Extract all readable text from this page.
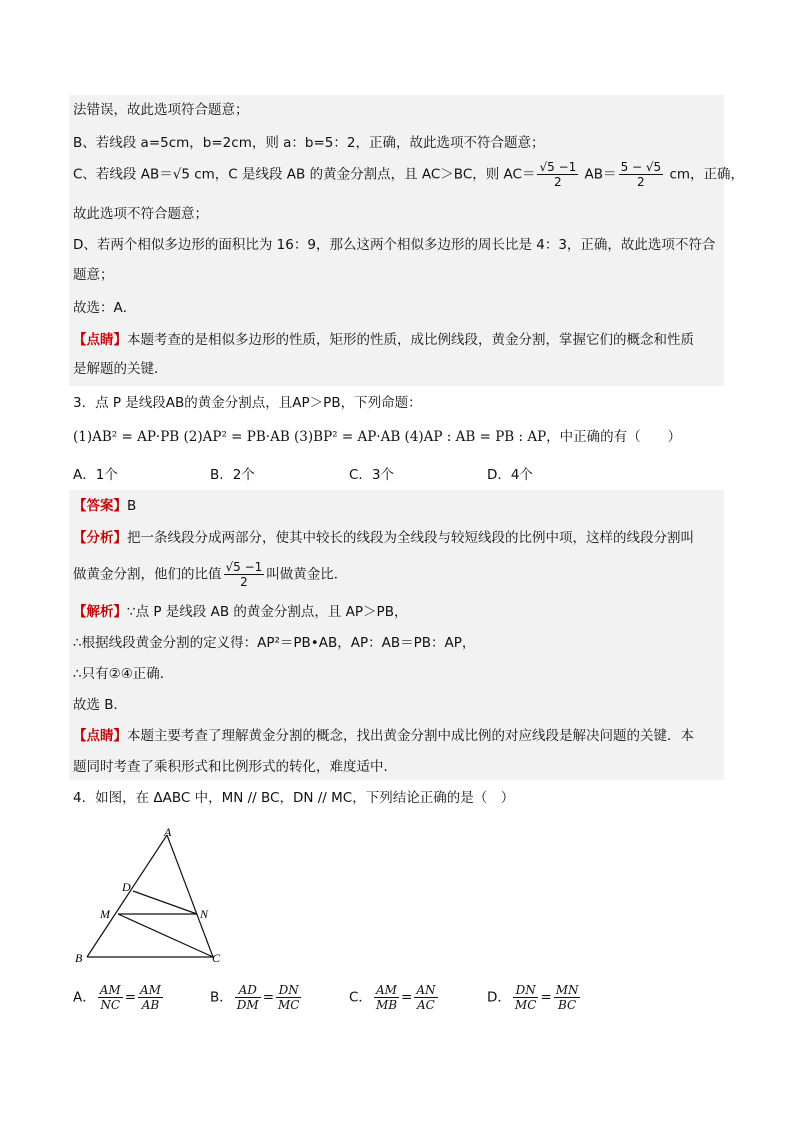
法错误，故此选项符合题意；
B、若线段 a=5cm，b=2cm，则 a：b=5：2，正确，故此选项不符合题意；
C、若线段 AB＝√5 cm，C 是线段 AB 的黄金分割点，且 AC＞BC，则 $AC= \frac{√5 -1}{2} AB= \frac{5 - √5}{2}$ cm，正确，
故此选项不符合题意；
D、若两个相似多边形的面积比为 16：9，那么这两个相似多边形的周长比是 4：3，正确，故此选项不符合
题意；
故选：A．
【点睛】本题考查的是相似多边形的性质，矩形的性质，成比例线段，黄金分割，掌握它们的概念和性质
是解题的关键．
3．点 P 是线段AB的黄金分割点，且AP＞PB，下列命题：
(1)AB² = AP·PB (2)AP² = PB·AB (3)BP² = AP·AB (4)AP : AB = PB : AP，中正确的有（　　）
A．1个	B．2个	C．3个	D．4个
【答案】B
【分析】把一条线段分成两部分，使其中较长的线段为全线段与较短线段的比例中项，这样的线段分割叫
做黄金分割，他们的比值 $\frac{√5 -1}{2}$ 叫做黄金比．
【解析】∵点 P 是线段 AB 的黄金分割点，且 AP＞PB，
∴根据线段黄金分割的定义得：AP²＝PB•AB，AP：AB＝PB：AP，
∴只有②④正确．
故选 B．
【点睛】本题主要考查了理解黄金分割的概念，找出黄金分割中成比例的对应线段是解决问题的关键．本
题同时考查了乘积形式和比例形式的转化，难度适中．
4．如图，在 ΔABC 中，MN // BC，DN // MC，下列结论正确的是（　）
A
D
M	N
B	C
A． $\frac{AM}{NC} = \frac{AM}{AB}$	B． $\frac{AD}{DM} = \frac{DN}{MC}$	C． $\frac{AM}{MB} = \frac{AN}{AC}$	D． $\frac{DN}{MC} = \frac{MN}{BC}$
